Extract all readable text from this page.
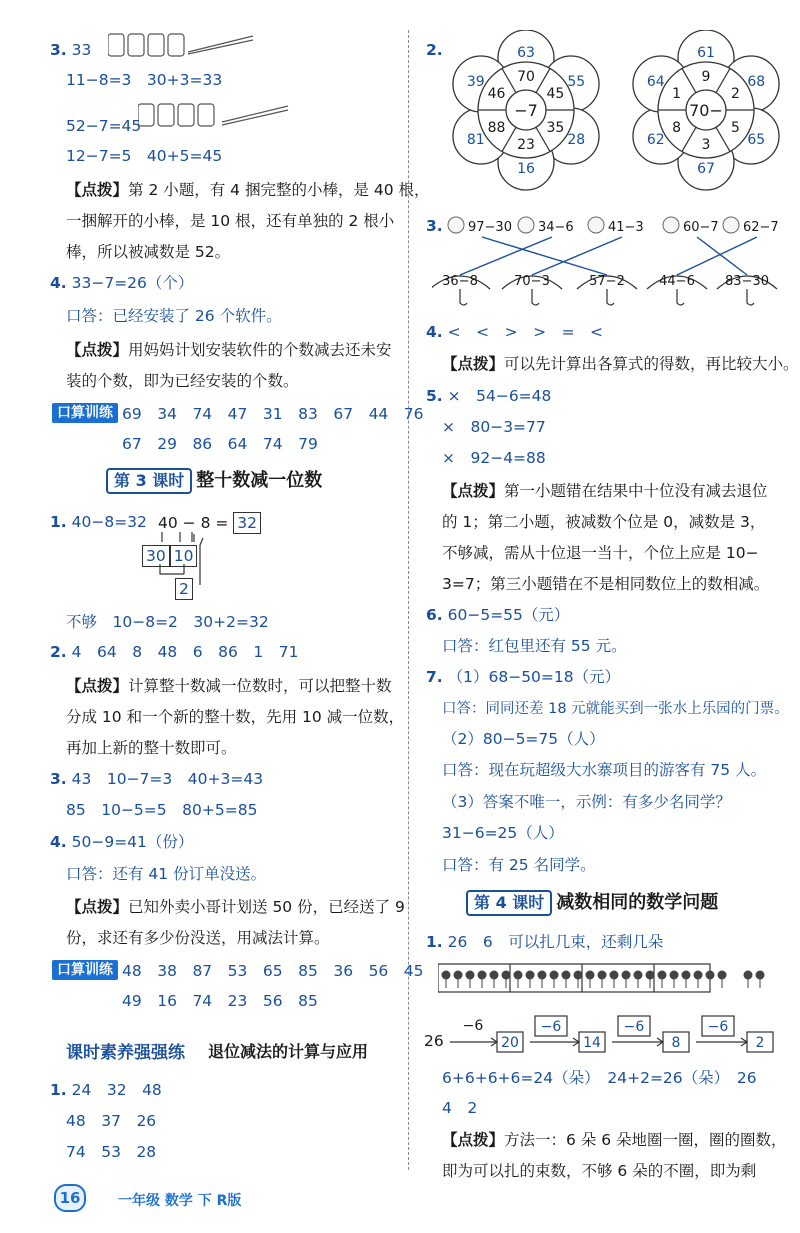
3. 33
11−8=3　30+3=33
52−7=45
12−7=5　40+5=45
【点拨】第 2 小题，有 4 捆完整的小棒，是 40 根，
一捆解开的小棒，是 10 根，还有单独的 2 根小
棒，所以被减数是 52。
4. 33−7=26（个）
口答：已经安装了 26 个软件。
【点拨】用妈妈计划安装软件的个数减去还未安
装的个数，即为已经安装的个数。
口算训练 69　34　74　47　31　83　67　44　76
67　29　86　64　74　79
第 3 课时 整十数减一位数
1. 40−8=32 40 − 8 = 32
30 10
2
不够　10−8=2　30+2=32
2. 4　64　8　48　6　86　1　71
【点拨】计算整十数减一位数时，可以把整十数
分成 10 和一个新的整十数，先用 10 减一位数，
再加上新的整十数即可。
3. 43　10−7=3　40+3=43
85　10−5=5　80+5=85
4. 50−9=41（份）
口答：还有 41 份订单没送。
【点拨】已知外卖小哥计划送 50 份，已经送了 9
份，求还有多少份没送，用减法计算。
口算训练 48　38　87　53　65　85　36　56　45
49　16　74　23　56　85
课时素养强强练 退位减法的计算与应用
1. 24　32　48
48　37　26
74　53　28
16	一年级 数学 下 R版
2.
−7
70
45
35
23
88
46
63
55
28
16
81
39
70−
9
2
5
3
8
1
61
68
65
67
62
64
3. 97−30 34−6	41−3	60−7 62−7
36−8	70−3	57−2	44−6 83−30
4. <　<　>　>　=　<
【点拨】可以先计算出各算式的得数，再比较大小。
5. ×　54−6=48
×　80−3=77
×　92−4=88
【点拨】第一小题错在结果中十位没有减去退位
的 1；第二小题，被减数个位是 0，减数是 3，
不够减，需从十位退一当十，个位上应是 10−
3=7；第三小题错在不是相同数位上的数相减。
6. 60−5=55（元）
口答：红包里还有 55 元。
7. （1）68−50=18（元）
口答：同同还差 18 元就能买到一张水上乐园的门票。
（2）80−5=75（人）
口答：现在玩超级大水寨项目的游客有 75 人。
（3）答案不唯一，示例：有多少名同学？
31−6=25（人）
口答：有 25 名同学。
第 4 课时 减数相同的数学问题
1. 26　6　可以扎几束，还剩几朵
26
−6
20
−6
14
−6
8
−6
2
6+6+6+6=24（朵）　24+2=26（朵）　26
4　2
【点拨】方法一：6 朵 6 朵地圈一圈，圈的圈数，
即为可以扎的束数，不够 6 朵的不圈，即为剩
